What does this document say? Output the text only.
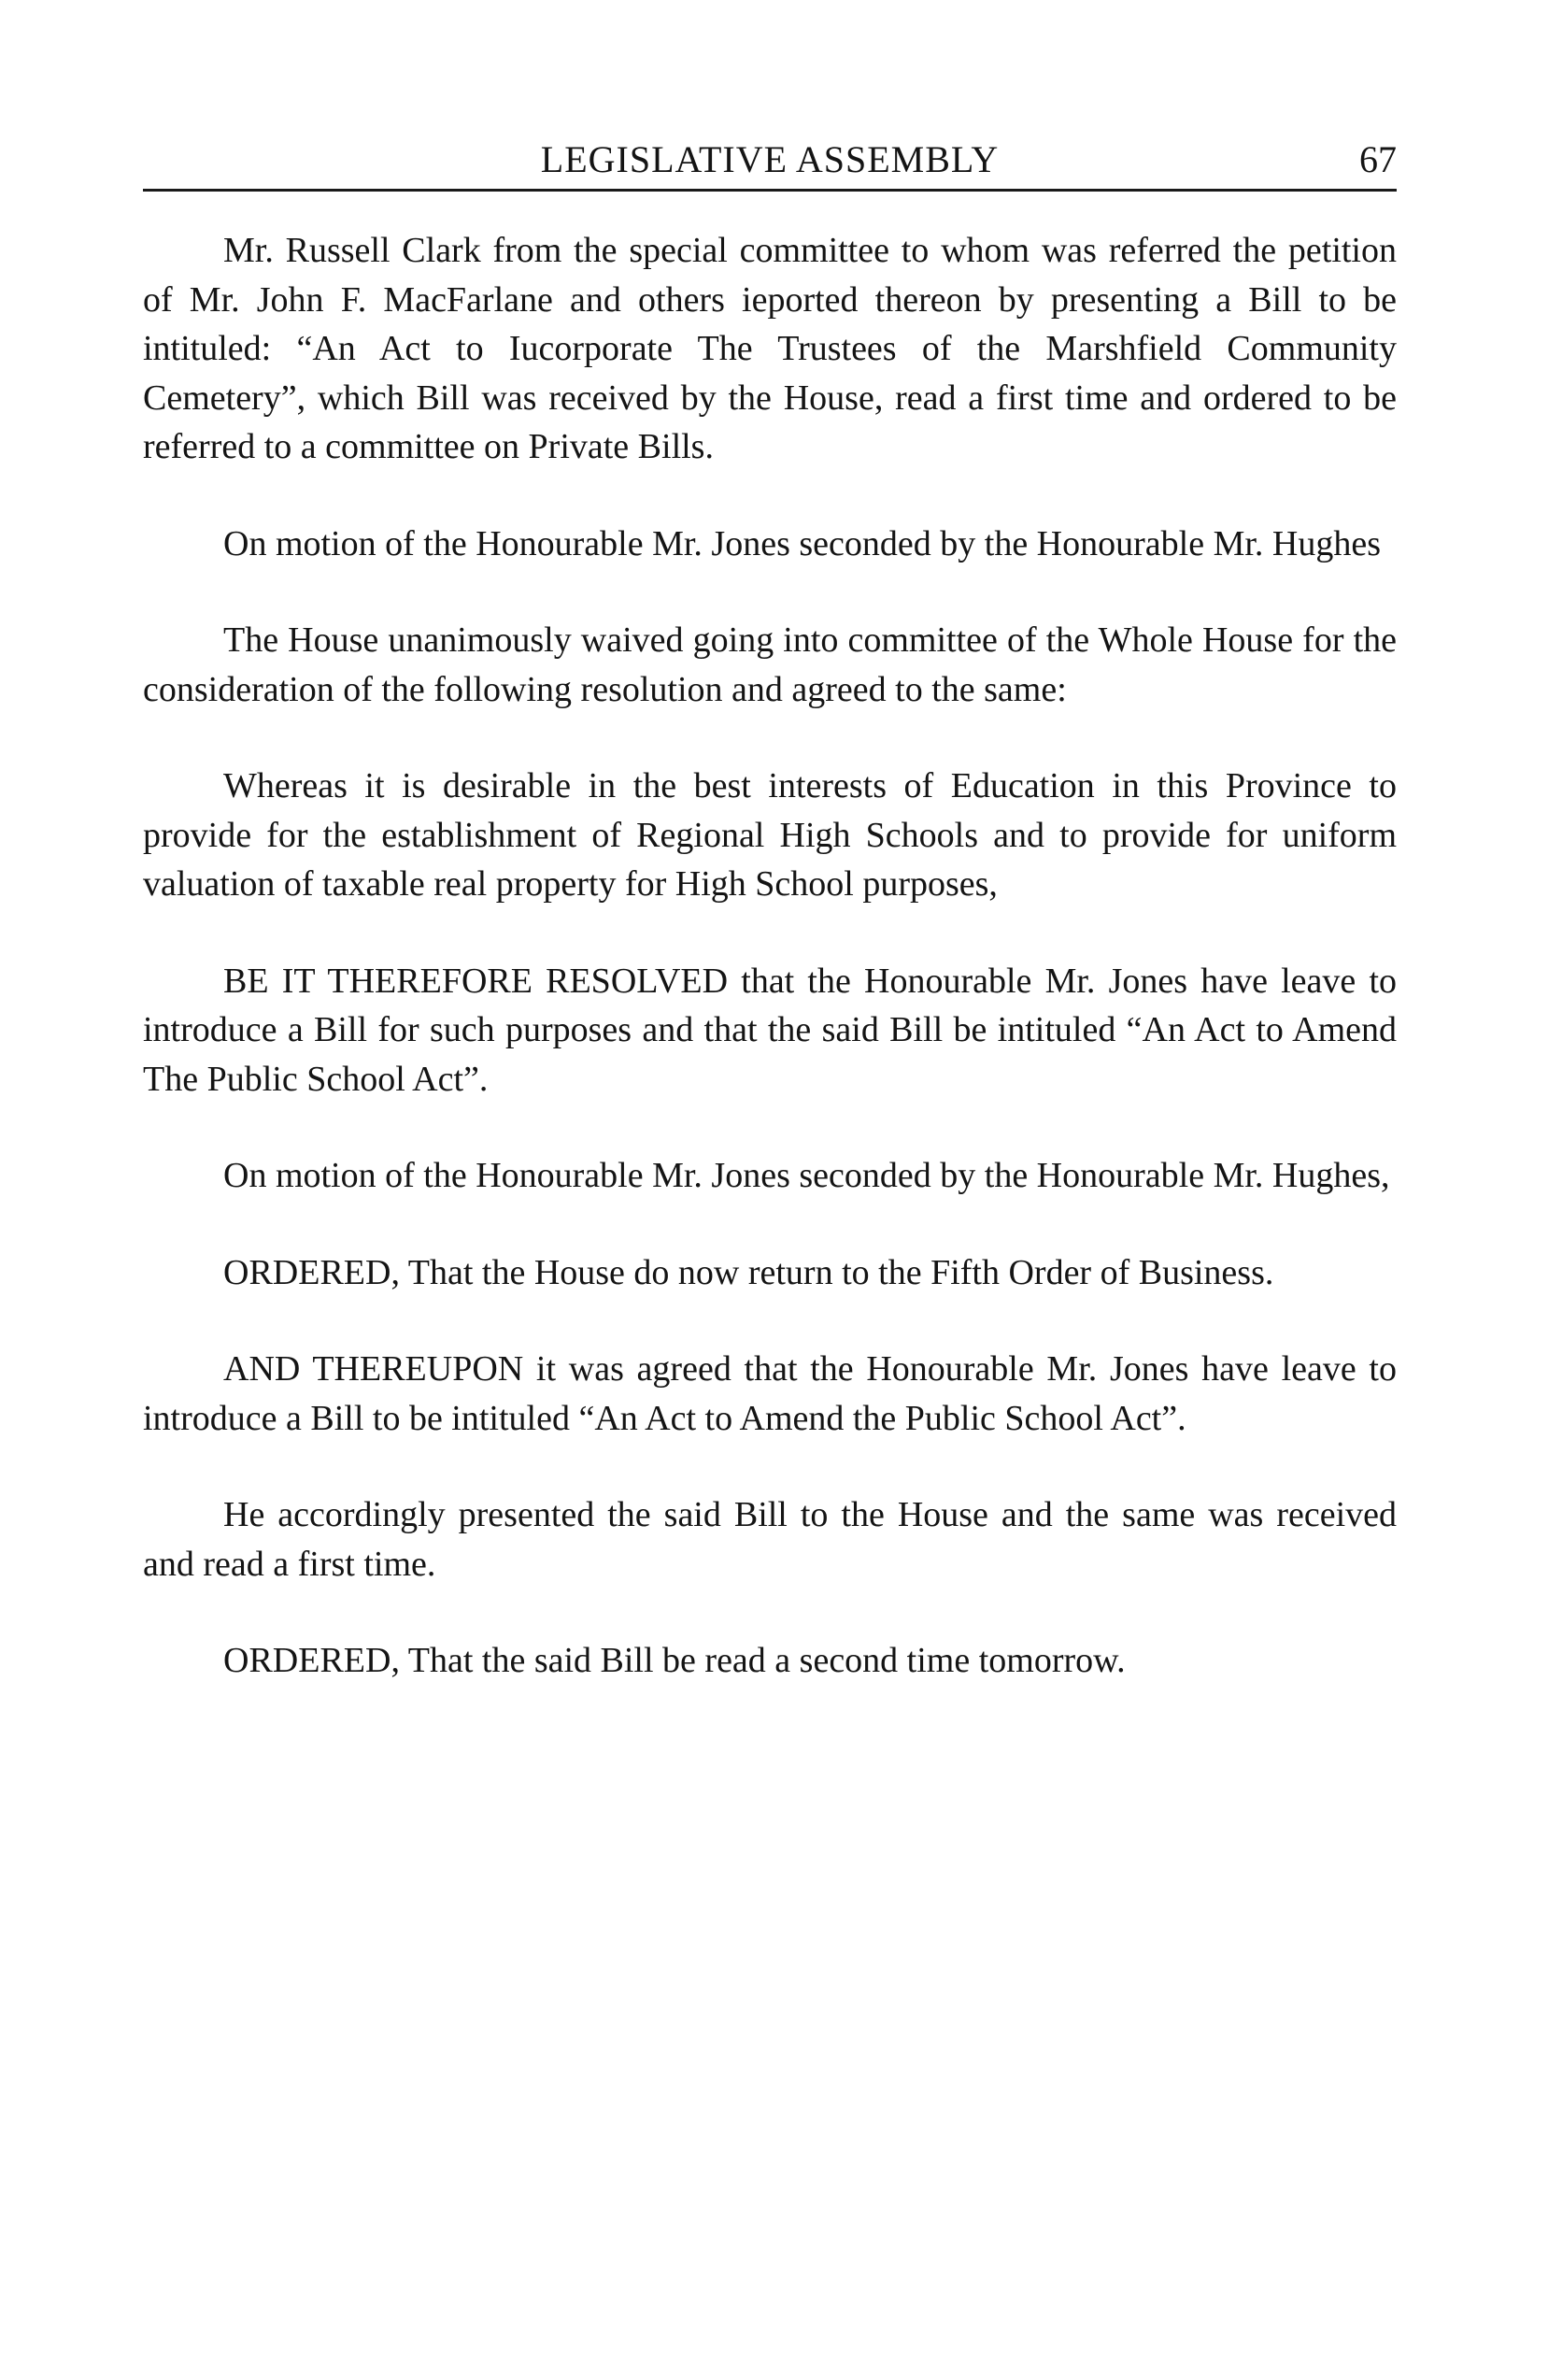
LEGISLATIVE ASSEMBLY	67

Mr. Russell Clark from the special committee to whom was referred the petition of Mr. John F. MacFarlane and others ieported thereon by presenting a Bill to be intituled: “An Act to Iucorporate The Trustees of the Marshfield Community Cemetery”, which Bill was received by the House, read a first time and ordered to be referred to a committee on Private Bills.

On motion of the Honourable Mr. Jones seconded by the Honourable Mr. Hughes

The House unanimously waived going into committee of the Whole House for the consideration of the following resolution and agreed to the same:

Whereas it is desirable in the best interests of Education in this Province to provide for the establishment of Regional High Schools and to provide for uniform valuation of taxable real property for High School purposes,

BE IT THEREFORE RESOLVED that the Honourable Mr. Jones have leave to introduce a Bill for such purposes and that the said Bill be intituled “An Act to Amend The Public School Act”.

On motion of the Honourable Mr. Jones seconded by the Honourable Mr. Hughes,

ORDERED, That the House do now return to the Fifth Order of Business.

AND THEREUPON it was agreed that the Honourable Mr. Jones have leave to introduce a Bill to be intituled “An Act to Amend the Public School Act”.

He accordingly presented the said Bill to the House and the same was received and read a first time.

ORDERED, That the said Bill be read a second time tomorrow.
